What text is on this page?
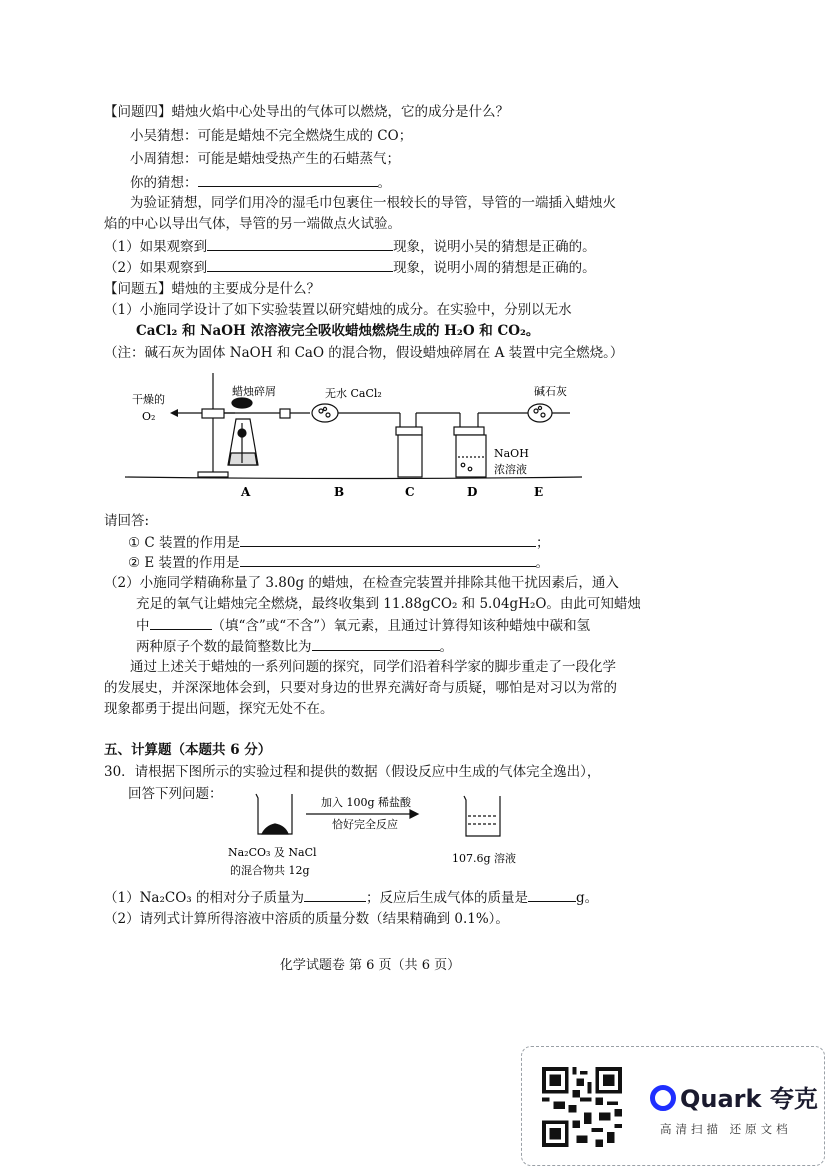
【问题四】蜡烛火焰中心处导出的气体可以燃烧，它的成分是什么？
小吴猜想：可能是蜡烛不完全燃烧生成的 CO；
小周猜想：可能是蜡烛受热产生的石蜡蒸气；
你的猜想：	。
为验证猜想，同学们用冷的湿毛巾包裹住一根较长的导管，导管的一端插入蜡烛火
焰的中心以导出气体，导管的另一端做点火试验。
（1）如果观察到	现象，说明小吴的猜想是正确的。
（2）如果观察到	现象，说明小周的猜想是正确的。
【问题五】蜡烛的主要成分是什么？
（1）小施同学设计了如下实验装置以研究蜡烛的成分。在实验中，分别以无水
CaCl₂ 和 NaOH 浓溶液完全吸收蜡烛燃烧生成的 H₂O 和 CO₂。
（注：碱石灰为固体 NaOH 和 CaO 的混合物，假设蜡烛碎屑在 A 装置中完全燃烧。）
干燥的
O₂
蜡烛碎屑	无水 CaCl₂
NaOH
浓溶液
碱石灰
A	B	C	D	E
请回答:
① C 装置的作用是	；
② E 装置的作用是	。
（2）小施同学精确称量了 3.80g 的蜡烛，在检查完装置并排除其他干扰因素后，通入
充足的氧气让蜡烛完全燃烧，最终收集到 11.88gCO₂ 和 5.04gH₂O。由此可知蜡烛
中	（填“含”或“不含”）氧元素，且通过计算得知该种蜡烛中碳和氢
两种原子个数的最简整数比为	。
通过上述关于蜡烛的一系列问题的探究，同学们沿着科学家的脚步重走了一段化学
的发展史，并深深地体会到，只要对身边的世界充满好奇与质疑，哪怕是对习以为常的
现象都勇于提出问题，探究无处不在。
五、计算题（本题共 6 分）
30．请根据下图所示的实验过程和提供的数据（假设反应中生成的气体完全逸出），
回答下列问题：
加入 100g 稀盐酸
恰好完全反应
Na₂CO₃ 及 NaCl
的混合物共 12g
107.6g 溶液
（1）Na₂CO₃ 的相对分子质量为	；反应后生成气体的质量是	g。
（2）请列式计算所得溶液中溶质的质量分数（结果精确到 0.1%）。
化学试题卷 第 6 页（共 6 页）
Quark 夸克
高清扫描 还原文档
